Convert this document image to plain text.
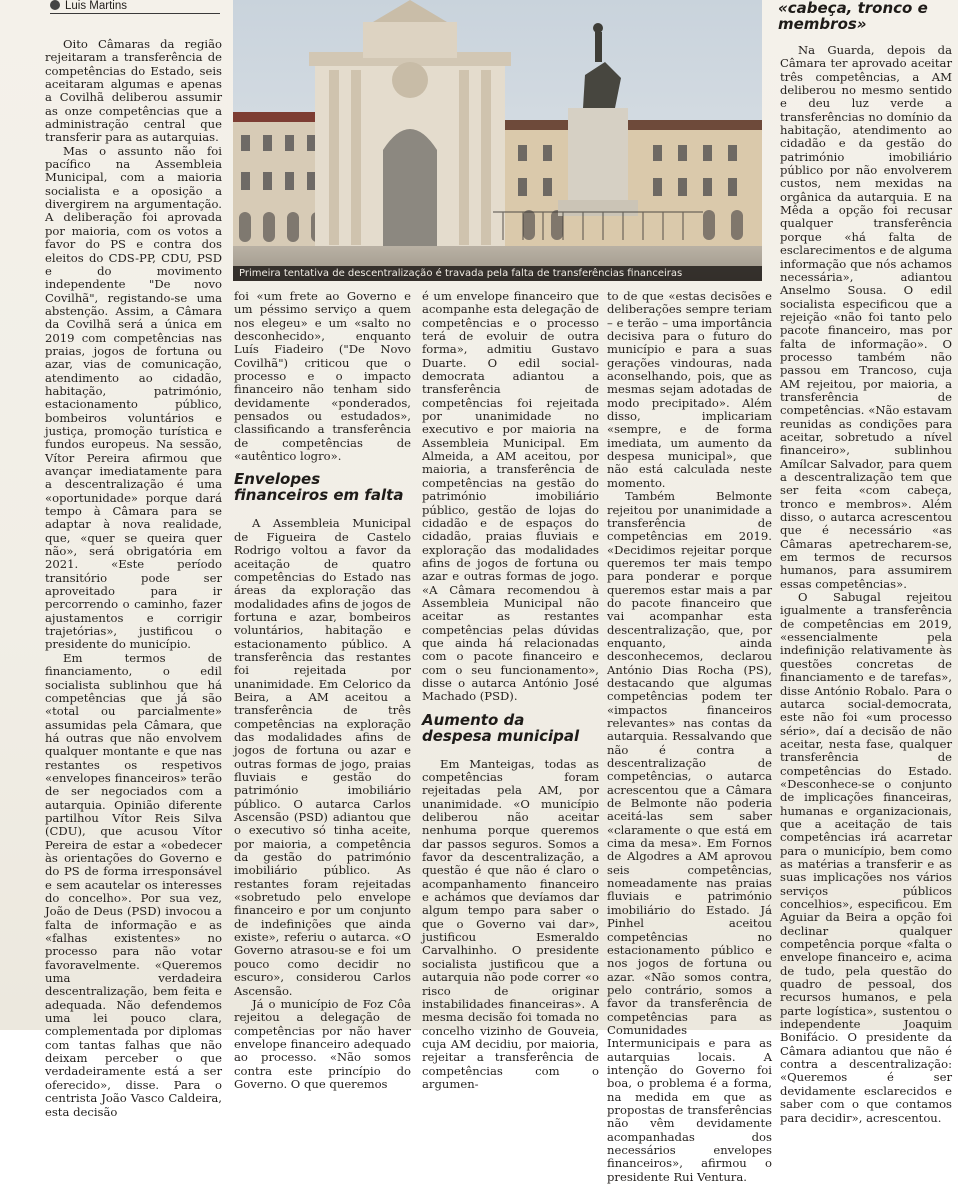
Luis Martins	«cabeça, tronco e
membros»
Primeira tentativa de descentralização é travada pela falta de transferências financeiras

Oito Câmaras da região rejeitaram a transferência de competências do Estado, seis aceitaram algumas e apenas a Covilhã deliberou assumir as onze competências que a administração central que transferir para as autarquias.

Mas o assunto não foi pacífico na Assembleia Municipal, com a maioria socialista e a oposição a divergirem na argumentação. A deliberação foi aprovada por maioria, com os votos a favor do PS e contra dos eleitos do CDS-PP, CDU, PSD e do movimento independente "De novo Covilhã", registando-se uma abstenção. Assim, a Câmara da Covilhã será a única em 2019 com competências nas praias, jogos de fortuna ou azar, vias de comunicação, atendimento ao cidadão, habitação, património, estacionamento público, bombeiros voluntários e justiça, promoção turística e fundos europeus. Na sessão, Vítor Pereira afirmou que avançar imediatamente para a descentralização é uma «oportunidade» porque dará tempo à Câmara para se adaptar à nova realidade, que, «quer se queira quer não», será obrigatória em 2021. «Este período transitório pode ser aproveitado para ir percorrendo o caminho, fazer ajustamentos e corrigir trajetórias», justificou o presidente do município.

Em termos de financiamento, o edil socialista sublinhou que há competências que já são «total ou parcialmente» assumidas pela Câmara, que há outras que não envolvem qualquer montante e que nas restantes os respetivos «envelopes financeiros» terão de ser negociados com a autarquia. Opinião diferente partilhou Vítor Reis Silva (CDU), que acusou Vítor Pereira de estar a «obedecer às orientações do Governo e do PS de forma irresponsável e sem acautelar os interesses do concelho». Por sua vez, João de Deus (PSD) invocou a falta de informação e as «falhas existentes» no processo para não votar favoravelmente. «Queremos uma verdadeira descentralização, bem feita e adequada. Não defendemos uma lei pouco clara, complementada por diplomas com tantas falhas que não deixam perceber o que verdadeiramente está a ser oferecido», disse. Para o centrista João Vasco Caldeira, esta decisão

foi «um frete ao Governo e um péssimo serviço a quem nos elegeu» e um «salto no desconhecido», enquanto Luís Fiadeiro ("De Novo Covilhã") criticou que o processo e o impacto financeiro não tenham sido devidamente «ponderados, pensados ou estudados», classificando a transferência de competências de «autêntico logro».

Envelopes financeiros em falta

A Assembleia Municipal de Figueira de Castelo Rodrigo voltou a favor da aceitação de quatro competências do Estado nas áreas da exploração das modalidades afins de jogos de fortuna e azar, bombeiros voluntários, habitação e estacionamento público. A transferência das restantes foi rejeitada por unanimidade. Em Celorico da Beira, a AM aceitou a transferência de três competências na exploração das modalidades afins de jogos de fortuna ou azar e outras formas de jogo, praias fluviais e gestão do património imobiliário público. O autarca Carlos Ascensão (PSD) adiantou que o executivo só tinha aceite, por maioria, a competência da gestão do património imobiliário público. As restantes foram rejeitadas «sobretudo pelo envelope financeiro e por um conjunto de indefinições que ainda existe», referiu o autarca. «O Governo atrasou-se e foi um pouco como decidir no escuro», considerou Carlos Ascensão.

Já o município de Foz Côa rejeitou a delegação de competências por não haver envelope financeiro adequado ao processo. «Não somos contra este princípio do Governo. O que queremos

é um envelope financeiro que acompanhe esta delegação de competências e o processo terá de evoluir de outra forma», admitiu Gustavo Duarte. O edil social-democrata adiantou a transferência de competências foi rejeitada por unanimidade no executivo e por maioria na Assembleia Municipal. Em Almeida, a AM aceitou, por maioria, a transferência de competências na gestão do património imobiliário público, gestão de lojas do cidadão e de espaços do cidadão, praias fluviais e exploração das modalidades afins de jogos de fortuna ou azar e outras formas de jogo. «A Câmara recomendou à Assembleia Municipal não aceitar as restantes competências pelas dúvidas que ainda há relacionadas com o pacote financeiro e com o seu funcionamento», disse o autarca António José Machado (PSD).

Aumento da despesa municipal

Em Manteigas, todas as competências foram rejeitadas pela AM, por unanimidade. «O município deliberou não aceitar nenhuma porque queremos dar passos seguros. Somos a favor da descentralização, a questão é que não é claro o acompanhamento financeiro e achámos que devíamos dar algum tempo para saber o que o Governo vai dar», justificou Esmeraldo Carvalhinho. O presidente socialista justificou que a autarquia não pode correr «o risco de originar instabilidades financeiras». A mesma decisão foi tomada no concelho vizinho de Gouveia, cuja AM decidiu, por maioria, rejeitar a transferência de competências com o argumen-

to de que «estas decisões e deliberações sempre teriam – e terão – uma importância decisiva para o futuro do município e para a suas gerações vindouras, nada aconselhando, pois, que as mesmas sejam adotadas de modo precipitado». Além disso, implicariam «sempre, e de forma imediata, um aumento da despesa municipal», que não está calculada neste momento.

Também Belmonte rejeitou por unanimidade a transferência de competências em 2019. «Decidimos rejeitar porque queremos ter mais tempo para ponderar e porque queremos estar mais a par do pacote financeiro que vai acompanhar esta descentralização, que, por enquanto, ainda desconhecemos, declarou António Dias Rocha (PS), destacando que algumas competências podem ter «impactos financeiros relevantes» nas contas da autarquia. Ressalvando que não é contra a descentralização de competências, o autarca acrescentou que a Câmara de Belmonte não poderia aceitá-las sem saber «claramente o que está em cima da mesa». Em Fornos de Algodres a AM aprovou seis competências, nomeadamente nas praias fluviais e património imobiliário do Estado. Já Pinhel aceitou competências no estacionamento público e nos jogos de fortuna ou azar. «Não somos contra, pelo contrário, somos a favor da transferência de competências para as Comunidades Intermunicipais e para as autarquias locais. A intenção do Governo foi boa, o problema é a forma, na medida em que as propostas de transferências não vêm devidamente acompanhadas dos necessários envelopes financeiros», afirmou o presidente Rui Ventura.

Na Guarda, depois da Câmara ter aprovado aceitar três competências, a AM deliberou no mesmo sentido e deu luz verde a transferências no domínio da habitação, atendimento ao cidadão e da gestão do património imobiliário público por não envolverem custos, nem mexidas na orgânica da autarquia. E na Mêda a opção foi recusar qualquer transferência porque «há falta de esclarecimentos e de alguma informação que nós achamos necessária», adiantou Anselmo Sousa. O edil socialista especificou que a rejeição «não foi tanto pelo pacote financeiro, mas por falta de informação». O processo também não passou em Trancoso, cuja AM rejeitou, por maioria, a transferência de competências. «Não estavam reunidas as condições para aceitar, sobretudo a nível financeiro», sublinhou Amílcar Salvador, para quem a descentralização tem que ser feita «com cabeça, tronco e membros». Além disso, o autarca acrescentou que é necessário «as Câmaras apetrecharem-se, em termos de recursos humanos, para assumirem essas competências».

O Sabugal rejeitou igualmente a transferência de competências em 2019, «essencialmente pela indefinição relativamente às questões concretas de financiamento e de tarefas», disse António Robalo. Para o autarca social-democrata, este não foi «um processo sério», daí a decisão de não aceitar, nesta fase, qualquer transferência de competências do Estado. «Desconhece-se o conjunto de implicações financeiras, humanas e organizacionais, que a aceitação de tais competências irá acarretar para o município, bem como as matérias a transferir e as suas implicações nos vários serviços públicos concelhios», especificou. Em Aguiar da Beira a opção foi declinar qualquer competência porque «falta o envelope financeiro e, acima de tudo, pela questão do quadro de pessoal, dos recursos humanos, e pela parte logística», sustentou o independente Joaquim Bonifácio. O presidente da Câmara adiantou que não é contra a descentralização: «Queremos é ser devidamente esclarecidos e saber com o que contamos para decidir», acrescentou.
